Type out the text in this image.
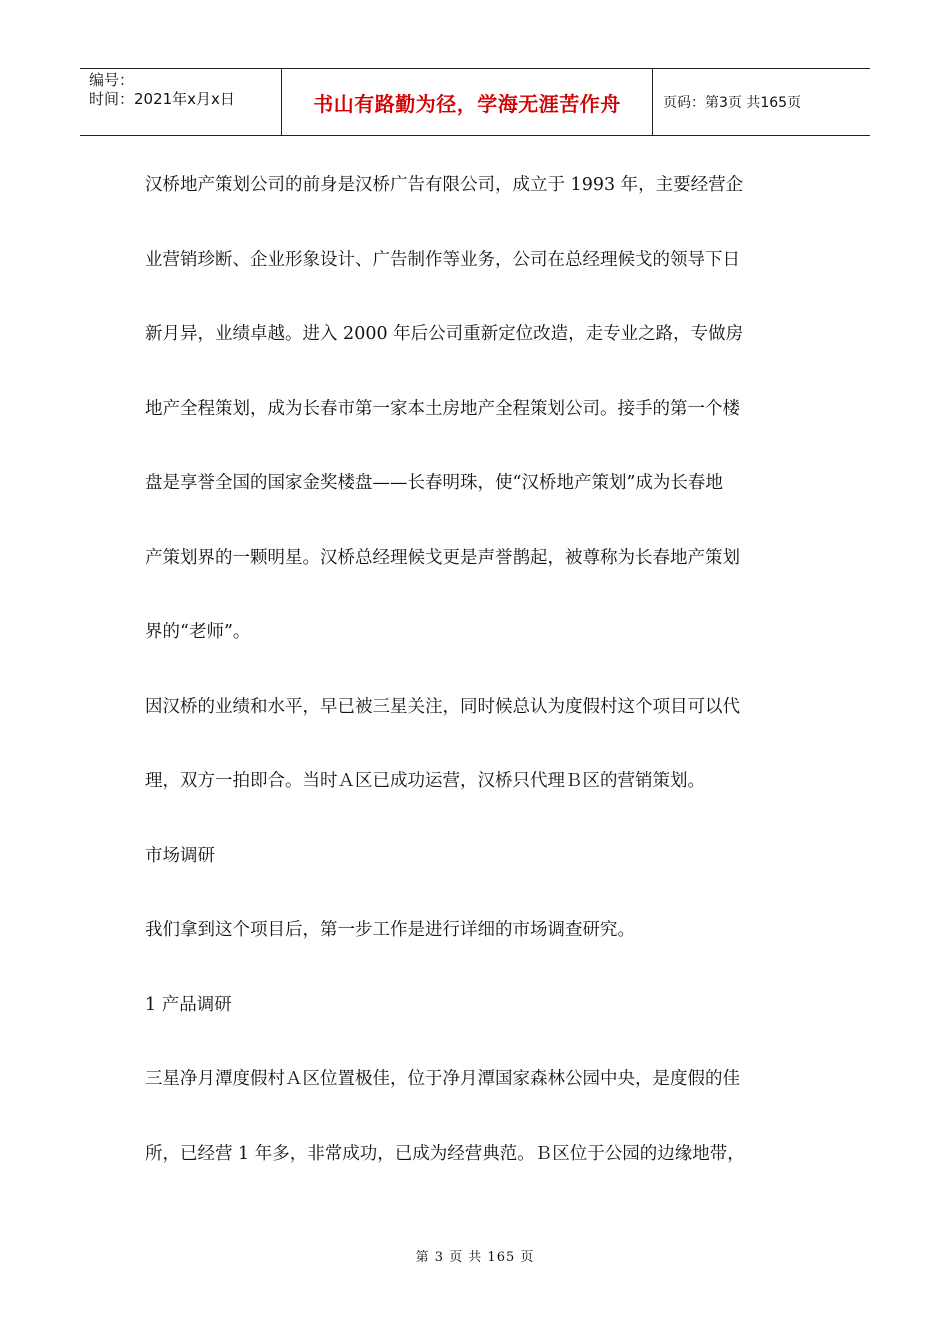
编号：
时间：2021年x月x日	书山有路勤为径，学海无涯苦作舟	页码：第3页 共165页
汉桥地产策划公司的前身是汉桥广告有限公司，成立于 1993 年，主要经营企
业营销珍断、企业形象设计、广告制作等业务，公司在总经理候戈的领导下日
新月异，业绩卓越。进入 2000 年后公司重新定位改造，走专业之路，专做房
地产全程策划，成为长春市第一家本土房地产全程策划公司。接手的第一个楼
盘是享誉全国的国家金奖楼盘——长春明珠，使“汉桥地产策划”成为长春地
产策划界的一颗明星。汉桥总经理候戈更是声誉鹊起，被尊称为长春地产策划
界的“老师”。
因汉桥的业绩和水平，早已被三星关注，同时候总认为度假村这个项目可以代
理，双方一拍即合。当时Ａ区已成功运营，汉桥只代理Ｂ区的营销策划。
市场调研
我们拿到这个项目后，第一步工作是进行详细的市场调查研究。
1 产品调研
三星净月潭度假村Ａ区位置极佳，位于净月潭国家森林公园中央，是度假的佳
所，已经营 1 年多，非常成功，已成为经营典范。Ｂ区位于公园的边缘地带，
第 3 页 共 165 页
